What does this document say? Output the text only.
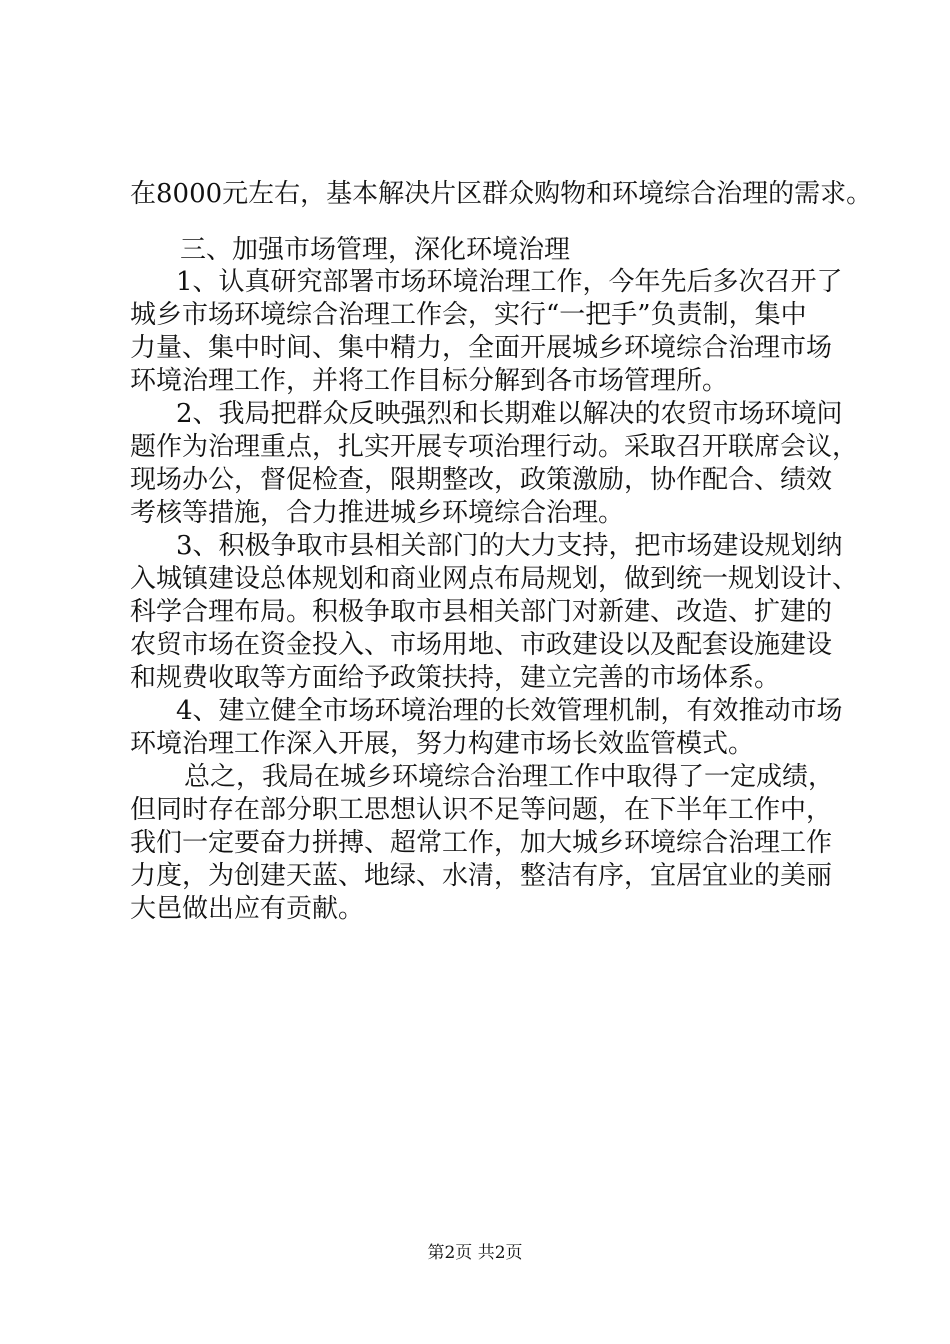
在8000元左右，基本解决片区群众购物和环境综合治理的需求。
三、加强市场管理，深化环境治理
1、认真研究部署市场环境治理工作，今年先后多次召开了
城乡市场环境综合治理工作会，实行“一把手”负责制，集中
力量、集中时间、集中精力，全面开展城乡环境综合治理市场
环境治理工作，并将工作目标分解到各市场管理所。
2、我局把群众反映强烈和长期难以解决的农贸市场环境问
题作为治理重点，扎实开展专项治理行动。采取召开联席会议，
现场办公，督促检查，限期整改，政策激励，协作配合、绩效
考核等措施，合力推进城乡环境综合治理。
3、积极争取市县相关部门的大力支持，把市场建设规划纳
入城镇建设总体规划和商业网点布局规划，做到统一规划设计、
科学合理布局。积极争取市县相关部门对新建、改造、扩建的
农贸市场在资金投入、市场用地、市政建设以及配套设施建设
和规费收取等方面给予政策扶持，建立完善的市场体系。
4、建立健全市场环境治理的长效管理机制，有效推动市场
环境治理工作深入开展，努力构建市场长效监管模式。
总之，我局在城乡环境综合治理工作中取得了一定成绩，
但同时存在部分职工思想认识不足等问题，在下半年工作中，
我们一定要奋力拼搏、超常工作，加大城乡环境综合治理工作
力度，为创建天蓝、地绿、水清，整洁有序，宜居宜业的美丽
大邑做出应有贡献。
第2页 共2页
